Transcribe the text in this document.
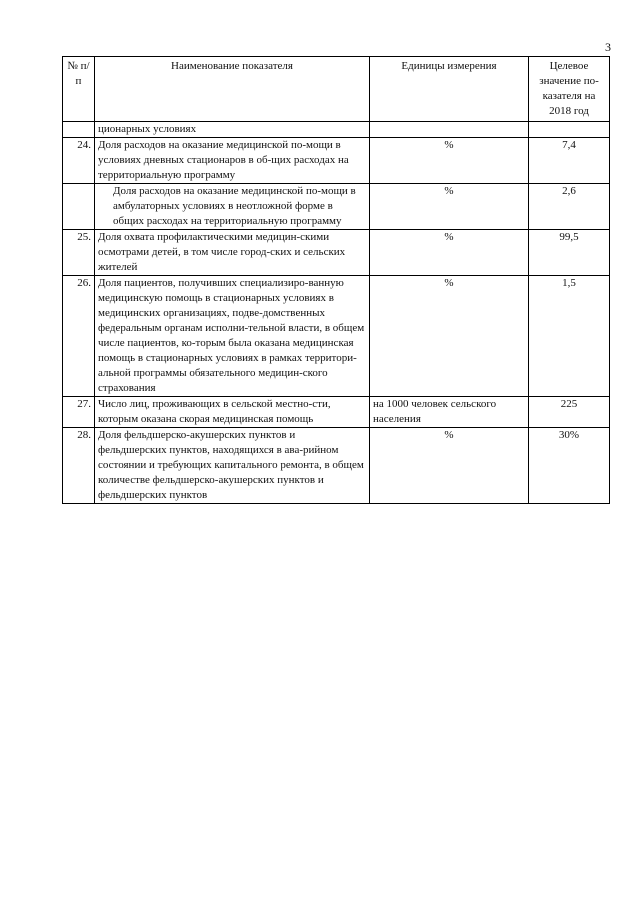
3
№ п/п	Наименование показателя	Единицы измерения	Целевое значение по-казателя на 2018 год
	ционарных условиях		
24.	Доля расходов на оказание медицинской по-мощи в условиях дневных стационаров в об-щих расходах на территориальную программу	%	7,4
	Доля расходов на оказание медицинской по-мощи в амбулаторных условиях в неотложной форме в общих расходах на территориальную программу	%	2,6
25.	Доля охвата профилактическими медицин-скими осмотрами детей, в том числе город-ских и сельских жителей	%	99,5
26.	Доля пациентов, получивших специализиро-ванную медицинскую помощь в стационарных условиях в медицинских организациях, подве-домственных федеральным органам исполни-тельной власти, в общем числе пациентов, ко-торым была оказана медицинская помощь в стационарных условиях в рамках территори-альной программы обязательного медицин-ского страхования	%	1,5
27.	Число лиц, проживающих в сельской местно-сти, которым оказана скорая медицинская помощь	на 1000 человек сельского населения	225
28.	Доля фельдшерско-акушерских пунктов и фельдшерских пунктов, находящихся в ава-рийном состоянии и требующих капитального ремонта, в общем количестве фельдшерско-акушерских пунктов и фельдшерских пунктов	%	30%
